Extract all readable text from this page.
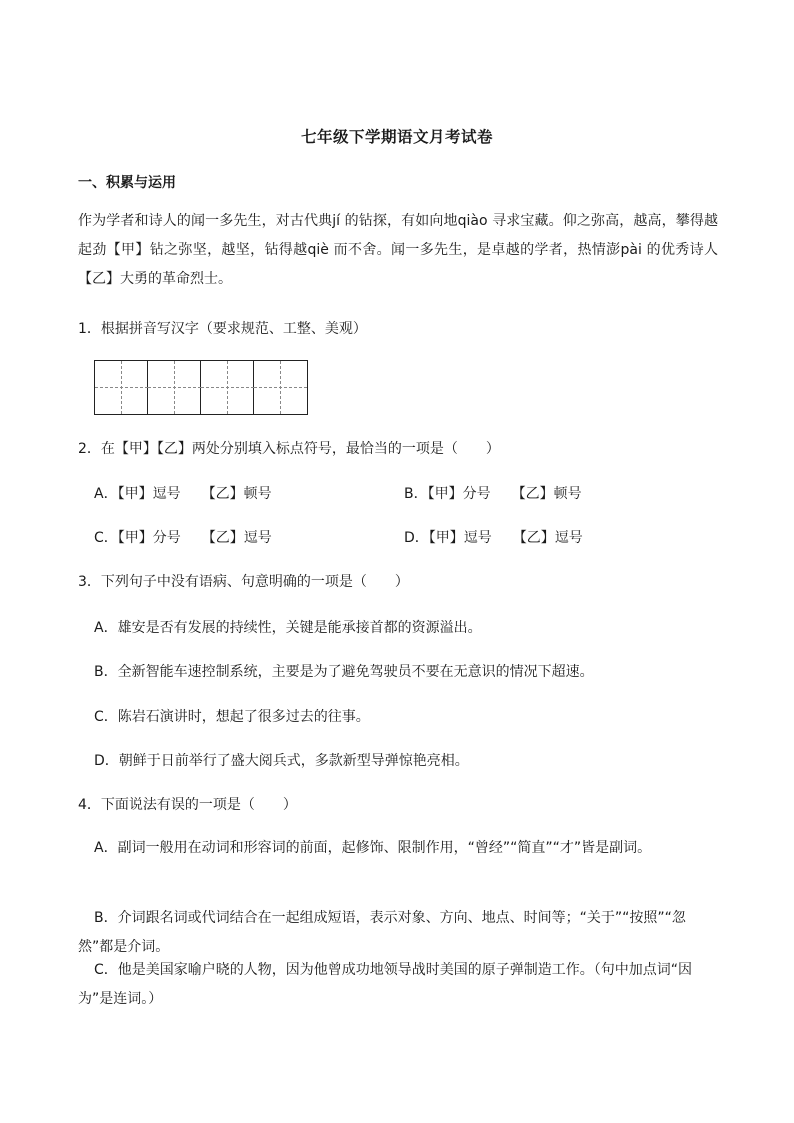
七年级下学期语文月考试卷
一、积累与运用
作为学者和诗人的闻一多先生，对古代典jí 的钻探，有如向地qiào 寻求宝藏。仰之弥高，越高，攀得越起劲【甲】钻之弥坚，越坚，钻得越qiè 而不舍。闻一多先生，是卓越的学者，热情澎pài 的优秀诗人【乙】大勇的革命烈士。
1．根据拼音写汉字（要求规范、工整、美观）
2．在【甲】【乙】两处分别填入标点符号，最恰当的一项是（　　）
A．【甲】逗号　　【乙】顿号	B．【甲】分号　　【乙】顿号
C．【甲】分号　　【乙】逗号	D．【甲】逗号　　【乙】逗号
3．下列句子中没有语病、句意明确的一项是（　　）
A．雄安是否有发展的持续性，关键是能承接首都的资源溢出。
B．全新智能车速控制系统，主要是为了避免驾驶员不要在无意识的情况下超速。
C．陈岩石演讲时，想起了很多过去的往事。
D．朝鲜于日前举行了盛大阅兵式，多款新型导弹惊艳亮相。
4．下面说法有误的一项是（　　）
A．副词一般用在动词和形容词的前面，起修饰、限制作用，“曾经”“简直”“才”皆是副词。
B．介词跟名词或代词结合在一起组成短语，表示对象、方向、地点、时间等；“关于”“按照”“忽然”都是介词。
C．他是美国家喻户晓的人物，因为他曾成功地领导战时美国的原子弹制造工作。（句中加点词“因为”是连词。）
